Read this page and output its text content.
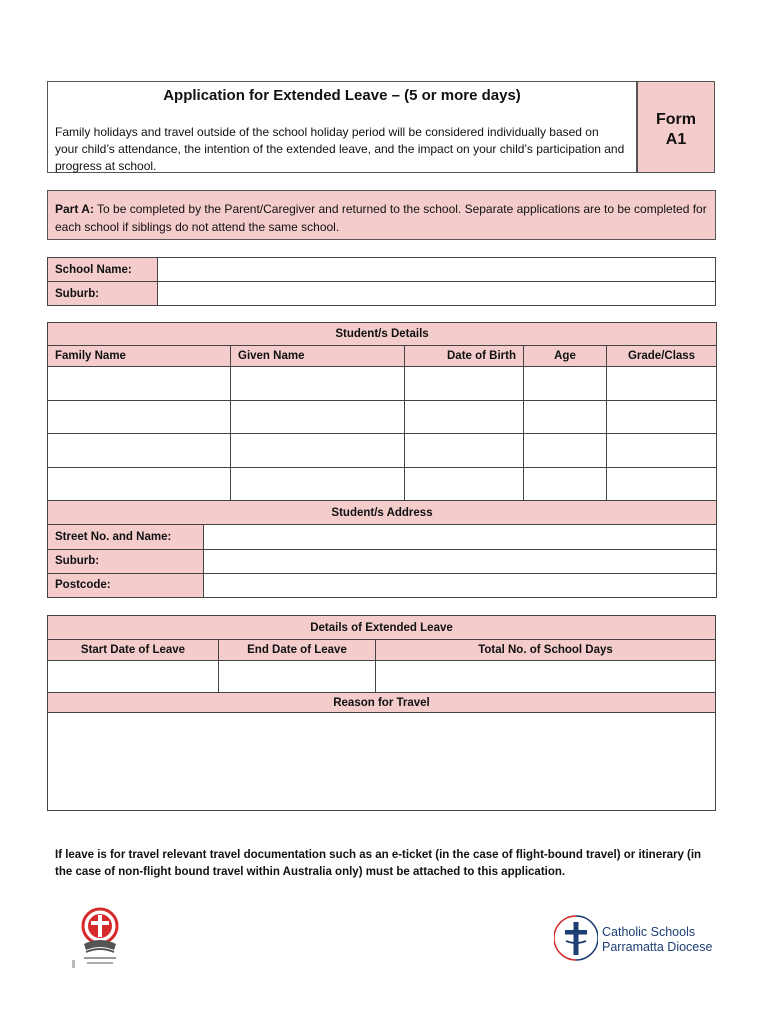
Application for Extended Leave – (5 or more days)
Family holidays and travel outside of the school holiday period will be considered individually based on your child’s attendance, the intention of the extended leave, and the impact on your child’s participation and progress at school.
Form
A1
Part A: To be completed by the Parent/Caregiver and returned to the school. Separate applications are to be completed for each school if siblings do not attend the same school.
School Name:	
Suburb:	
Student/s Details				
Family Name	Given Name	Date of Birth	Age	Grade/Class

Student/s Address				

Street No. and Name:				

Suburb:				

Postcode:				
Details of Extended Leave		
Start Date of Leave	End Date of Leave	Total No. of School Days

Reason for Travel		

If leave is for travel relevant travel documentation such as an e-ticket (in the case of flight-bound travel) or itinerary (in the case of non-flight bound travel within Australia only) must be attached to this application.
Catholic Schools
Parramatta Diocese
